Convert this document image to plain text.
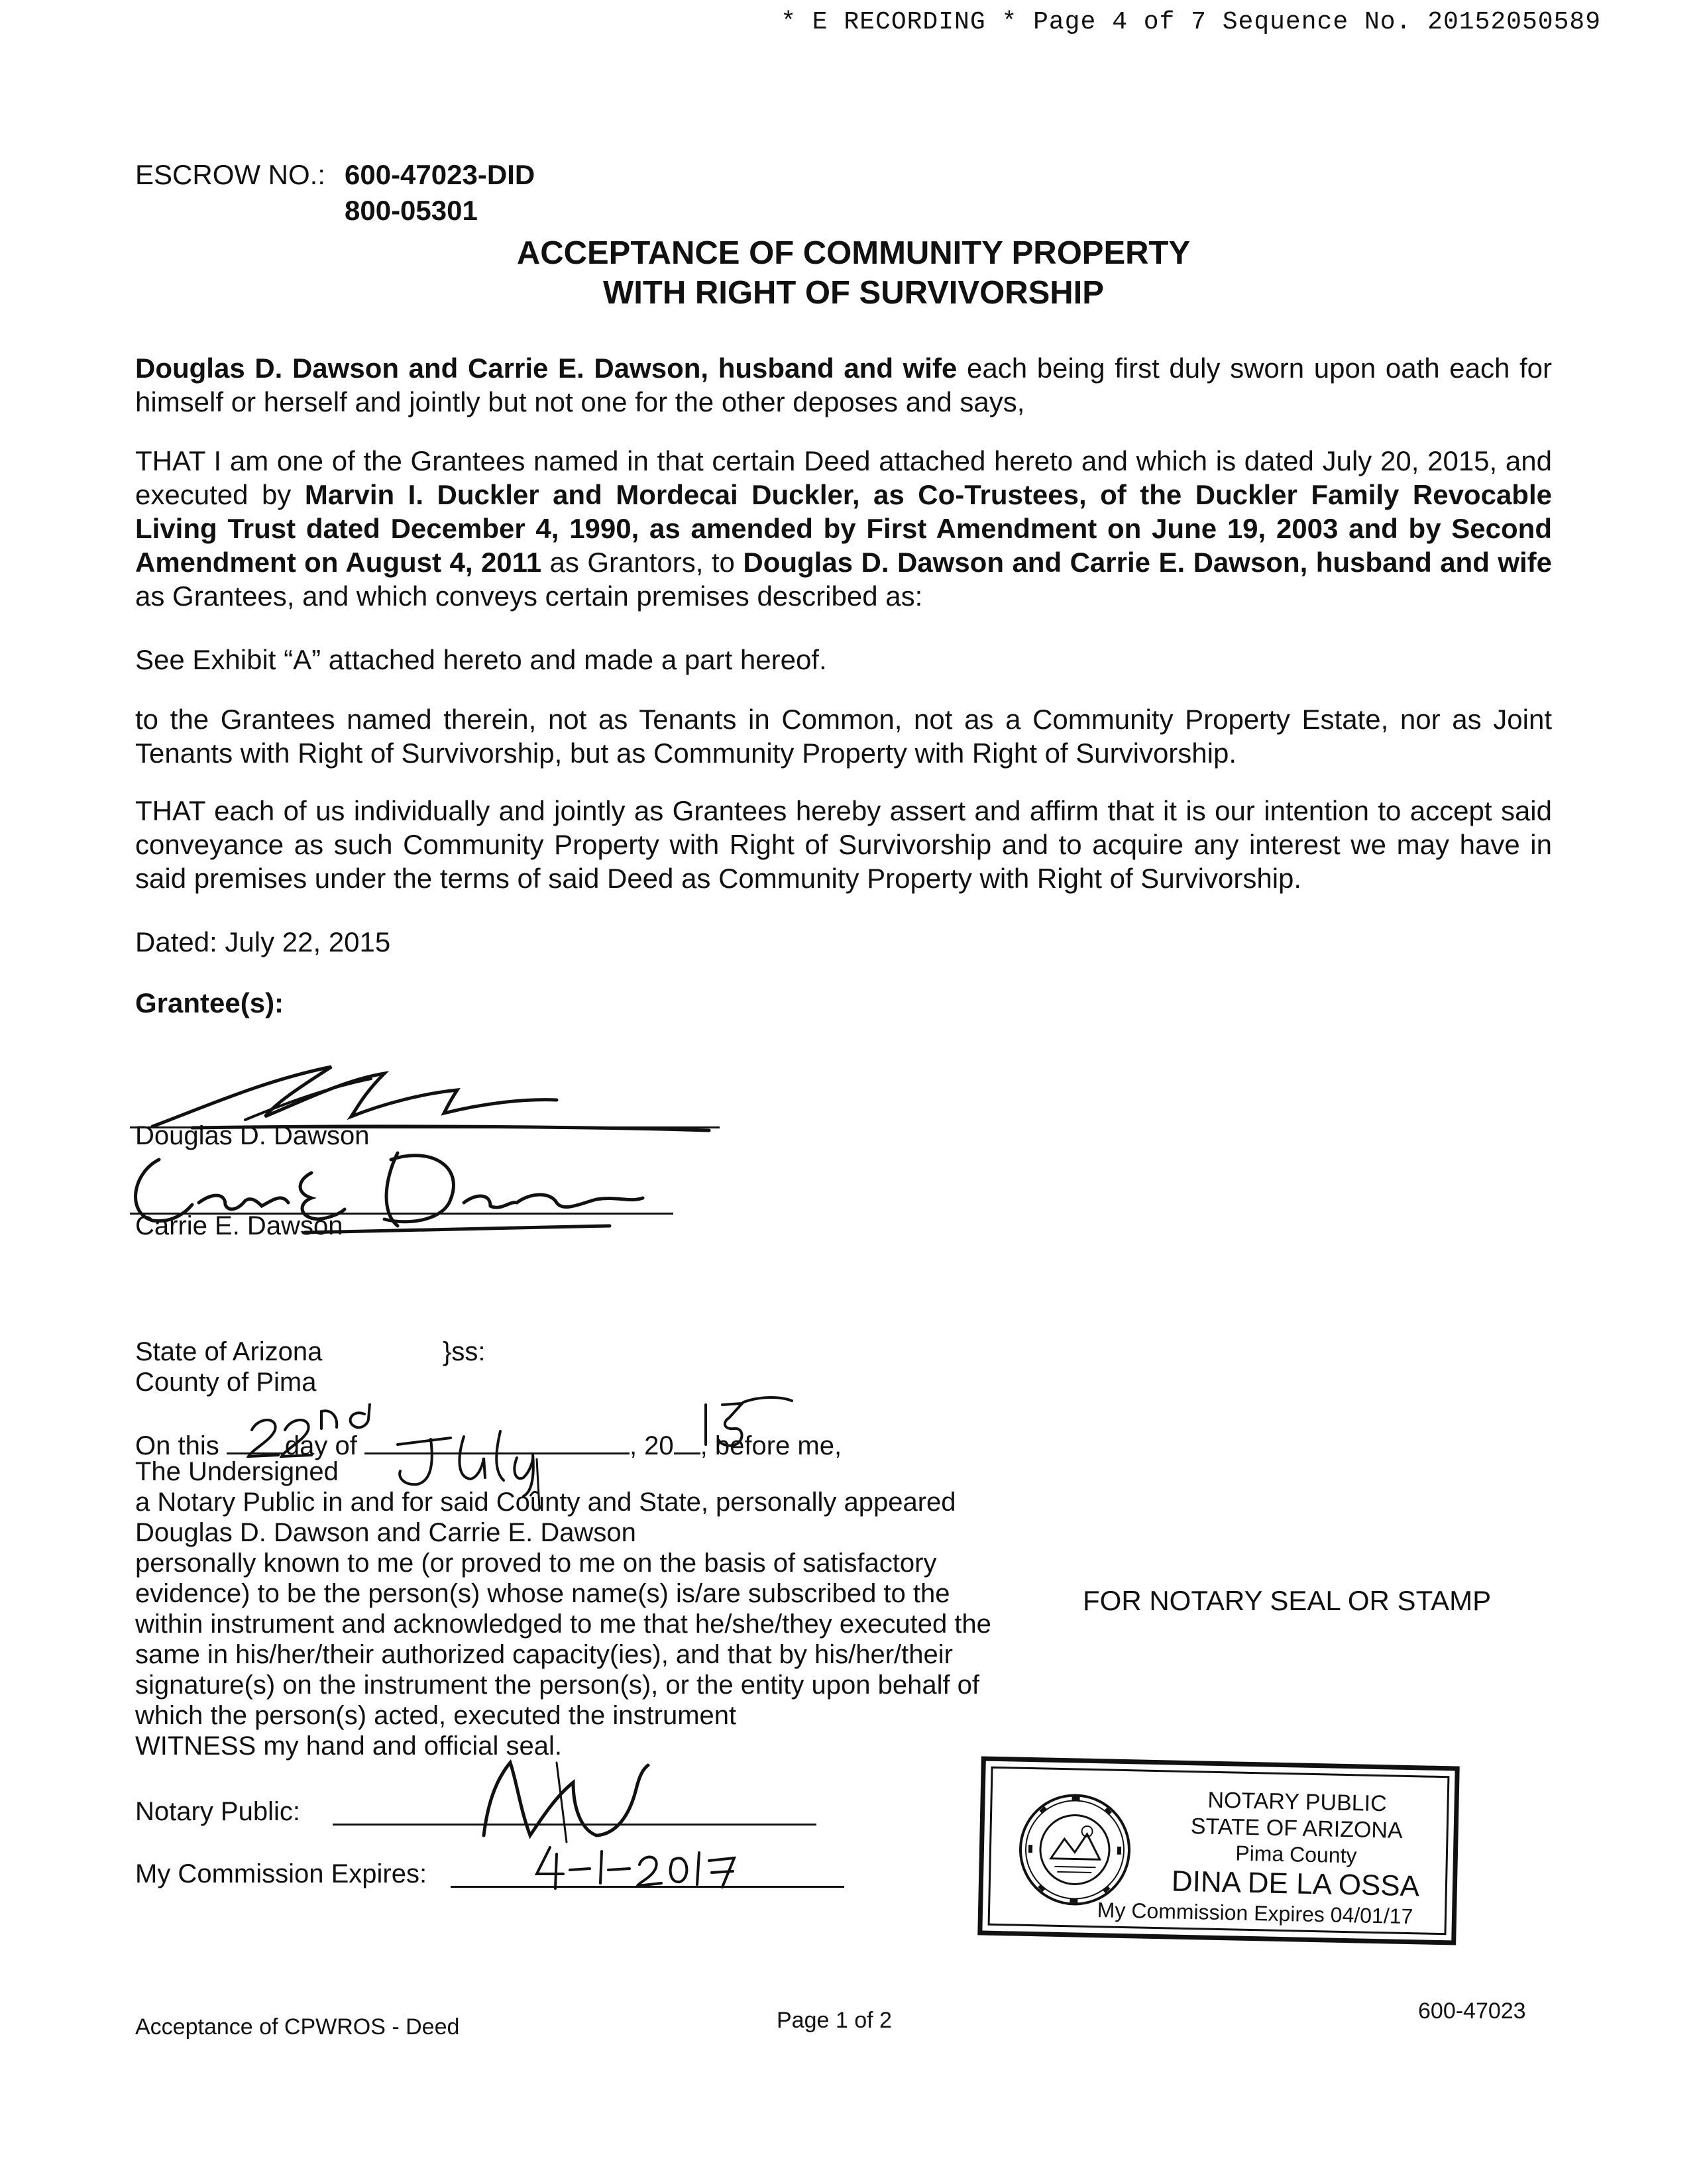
* E RECORDING * Page 4 of 7 Sequence No. 20152050589
ESCROW NO.: 600-47023-DID
800-05301
ACCEPTANCE OF COMMUNITY PROPERTY
WITH RIGHT OF SURVIVORSHIP
Douglas D. Dawson and Carrie E. Dawson, husband and wife each being first duly sworn upon oath each for himself or herself and jointly but not one for the other deposes and says,
THAT I am one of the Grantees named in that certain Deed attached hereto and which is dated July 20, 2015, and executed by Marvin I. Duckler and Mordecai Duckler, as Co-Trustees, of the Duckler Family Revocable Living Trust dated December 4, 1990, as amended by First Amendment on June 19, 2003 and by Second Amendment on August 4, 2011 as Grantors, to Douglas D. Dawson and Carrie E. Dawson, husband and wife as Grantees, and which conveys certain premises described as:
See Exhibit “A” attached hereto and made a part hereof.
to the Grantees named therein, not as Tenants in Common, not as a Community Property Estate, nor as Joint Tenants with Right of Survivorship, but as Community Property with Right of Survivorship.
THAT each of us individually and jointly as Grantees hereby assert and affirm that it is our intention to accept said conveyance as such Community Property with Right of Survivorship and to acquire any interest we may have in said premises under the terms of said Deed as Community Property with Right of Survivorship.
Dated: July 22, 2015
Grantee(s):
Douglas D. Dawson
Carrie E. Dawson
State of Arizona	}ss:
County of Pima
On this day of	, 20 , before me,
The Undersigned
a Notary Public in and for said County and State, personally appeared
Douglas D. Dawson and Carrie E. Dawson
personally known to me (or proved to me on the basis of satisfactory
evidence) to be the person(s) whose name(s) is/are subscribed to the
within instrument and acknowledged to me that he/she/they executed the
same in his/her/their authorized capacity(ies), and that by his/her/their
signature(s) on the instrument the person(s), or the entity upon behalf of
which the person(s) acted, executed the instrument
WITNESS my hand and official seal.
FOR NOTARY SEAL OR STAMP
Notary Public:
My Commission Expires:
NOTARY PUBLIC
STATE OF ARIZONA
Pima County
DINA DE LA OSSA
My Commission Expires 04/01/17
Acceptance of CPWROS - Deed	Page 1 of 2	600-47023
